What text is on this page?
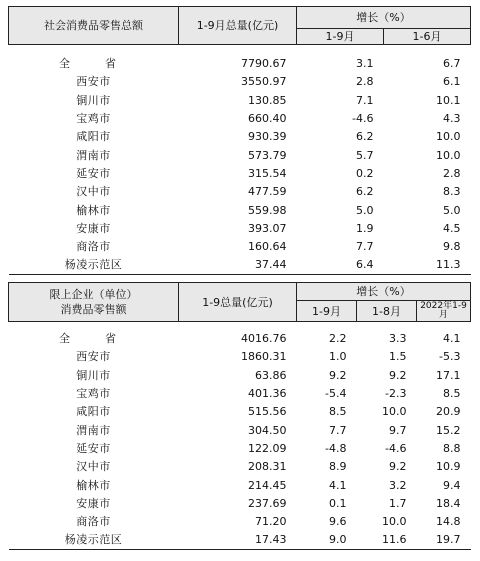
社会消费品零售总额	1-9月总量(亿元)	增长（%）	
		1-9月	1-6月

全　省	7790.67	3.1	6.7
西安市	3550.97	2.8	6.1
铜川市	130.85	7.1	10.1
宝鸡市	660.40	-4.6	4.3
咸阳市	930.39	6.2	10.0
渭南市	573.79	5.7	10.0
延安市	315.54	0.2	2.8
汉中市	477.59	6.2	8.3
榆林市	559.98	5.0	5.0
安康市	393.07	1.9	4.5
商洛市	160.64	7.7	9.8
杨凌示范区	37.44	6.4	11.3
限上企业（单位）
消费品零售额	1-9总量(亿元)	增长（%）		
		1-9月	1-8月	2022年1-9月

全　省	4016.76	2.2	3.3	4.1
西安市	1860.31	1.0	1.5	-5.3
铜川市	63.86	9.2	9.2	17.1
宝鸡市	401.36	-5.4	-2.3	8.5
咸阳市	515.56	8.5	10.0	20.9
渭南市	304.50	7.7	9.7	15.2
延安市	122.09	-4.8	-4.6	8.8
汉中市	208.31	8.9	9.2	10.9
榆林市	214.45	4.1	3.2	9.4
安康市	237.69	0.1	1.7	18.4
商洛市	71.20	9.6	10.0	14.8
杨凌示范区	17.43	9.0	11.6	19.7
